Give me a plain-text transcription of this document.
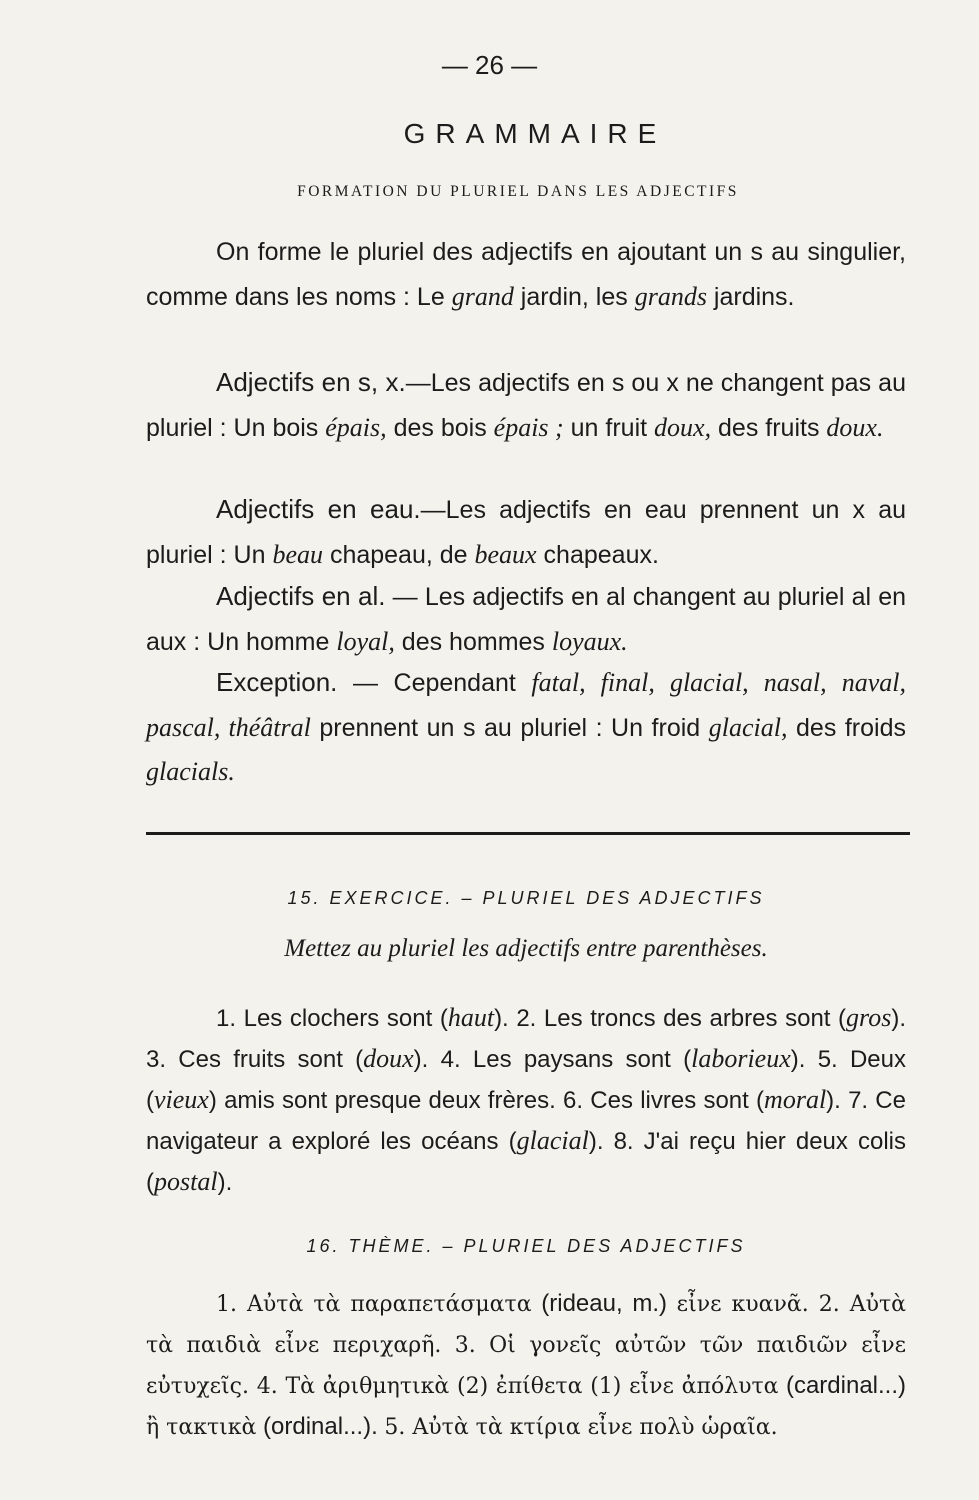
— 26 —
GRAMMAIRE
FORMATION DU PLURIEL DANS LES ADJECTIFS

On forme le pluriel des adjectifs en ajoutant un s au singulier, comme dans les noms : Le grand jardin, les grands jardins.

Adjectifs en s, x.—Les adjectifs en s ou x ne changent pas au pluriel : Un bois épais, des bois épais ; un fruit doux, des fruits doux.

Adjectifs en eau.—Les adjectifs en eau prennent un x au pluriel : Un beau chapeau, de beaux chapeaux.

Adjectifs en al. — Les adjectifs en al changent au pluriel al en aux : Un homme loyal, des hommes loyaux.

Exception. — Cependant fatal, final, glacial, nasal, naval, pascal, théâtral prennent un s au pluriel : Un froid glacial, des froids glacials.

15. EXERCICE. – PLURIEL DES ADJECTIFS
Mettez au pluriel les adjectifs entre parenthèses.

1. Les clochers sont (haut). 2. Les troncs des arbres sont (gros). 3. Ces fruits sont (doux). 4. Les paysans sont (laborieux). 5. Deux (vieux) amis sont presque deux frères. 6. Ces livres sont (moral). 7. Ce navigateur a exploré les océans (glacial). 8. J'ai reçu hier deux colis (postal).

16. THÈME. – PLURIEL DES ADJECTIFS

1. Αὐτὰ τὰ παραπετάσματα (rideau, m.) εἶνε κυανᾶ. 2. Αὐτὰ τὰ παιδιὰ εἶνε περιχαρῆ. 3. Οἱ γονεῖς αὐτῶν τῶν παιδιῶν εἶνε εὐτυχεῖς. 4. Τὰ ἀριθμητικὰ (2) ἐπίθετα (1) εἶνε ἀπόλυτα (cardinal...) ἢ τακτικὰ (ordinal...). 5. Αὐτὰ τὰ κτίρια εἶνε πολὺ ὡραῖα.
